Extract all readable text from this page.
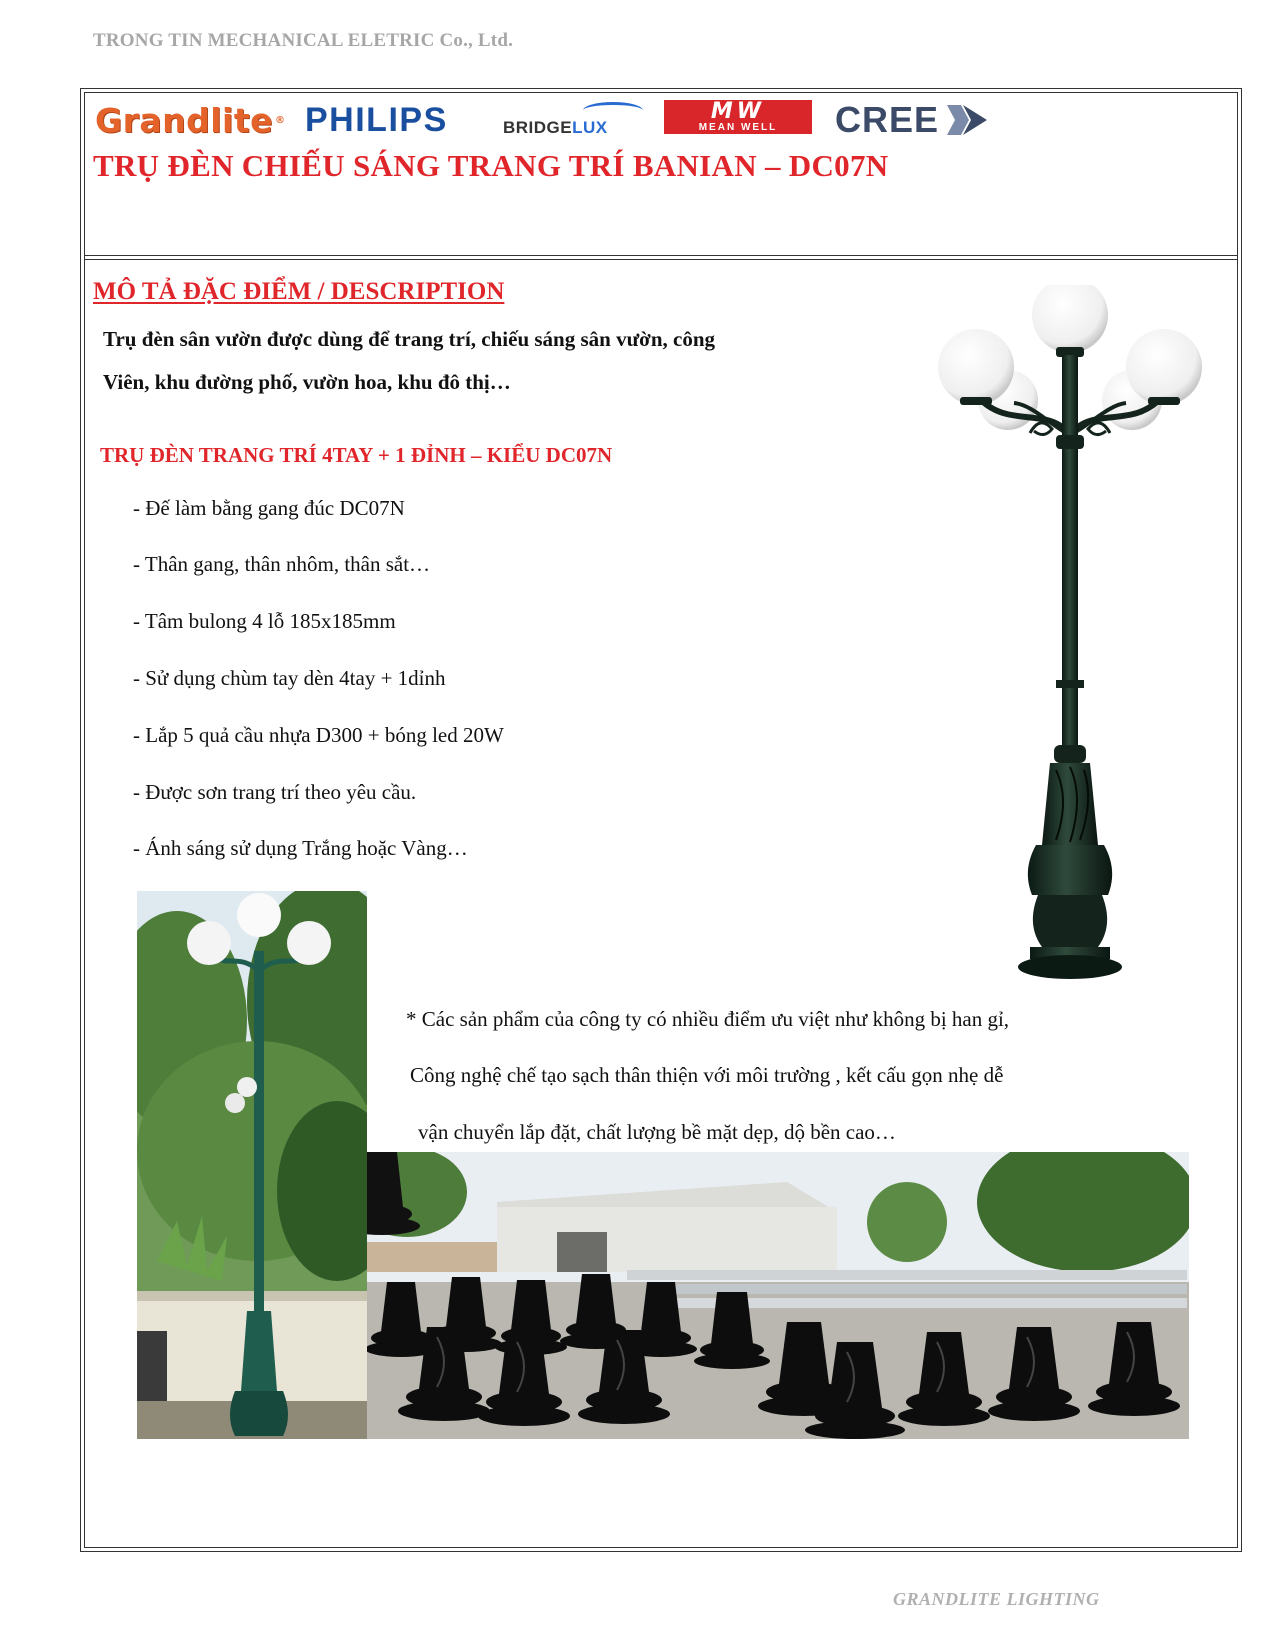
TRONG TIN MECHANICAL ELETRIC Co., Ltd.
Grandlite ® PHILIPS	BRIDGE LUX
MW
MEAN WELL CREE
TRỤ ĐÈN CHIẾU SÁNG TRANG TRÍ BANIAN – DC07N
MÔ TẢ ĐẶC ĐIỂM / DESCRIPTION
Trụ đèn sân vườn được dùng để trang trí, chiếu sáng sân vườn, công
Viên, khu đường phố, vườn hoa, khu đô thị…
TRỤ ĐÈN TRANG TRÍ 4TAY + 1 ĐỈNH – KIỂU DC07N
- Đế làm bằng gang đúc DC07N
- Thân gang, thân nhôm, thân sắt…
- Tâm bulong 4 lỗ 185x185mm
- Sử dụng chùm tay dèn 4tay + 1dỉnh
- Lắp 5 quả cầu nhựa D300 + bóng led 20W
- Được sơn trang trí theo yêu cầu.
- Ánh sáng sử dụng Trắng hoặc Vàng…
* Các sản phẩm của công ty có nhiều điểm ưu việt như không bị han gỉ,
Công nghệ chế tạo sạch thân thiện với môi trường , kết cấu gọn nhẹ dễ
vận chuyển lắp đặt, chất lượng bề mặt dẹp, dộ bền cao…
GRANDLITE LIGHTING
